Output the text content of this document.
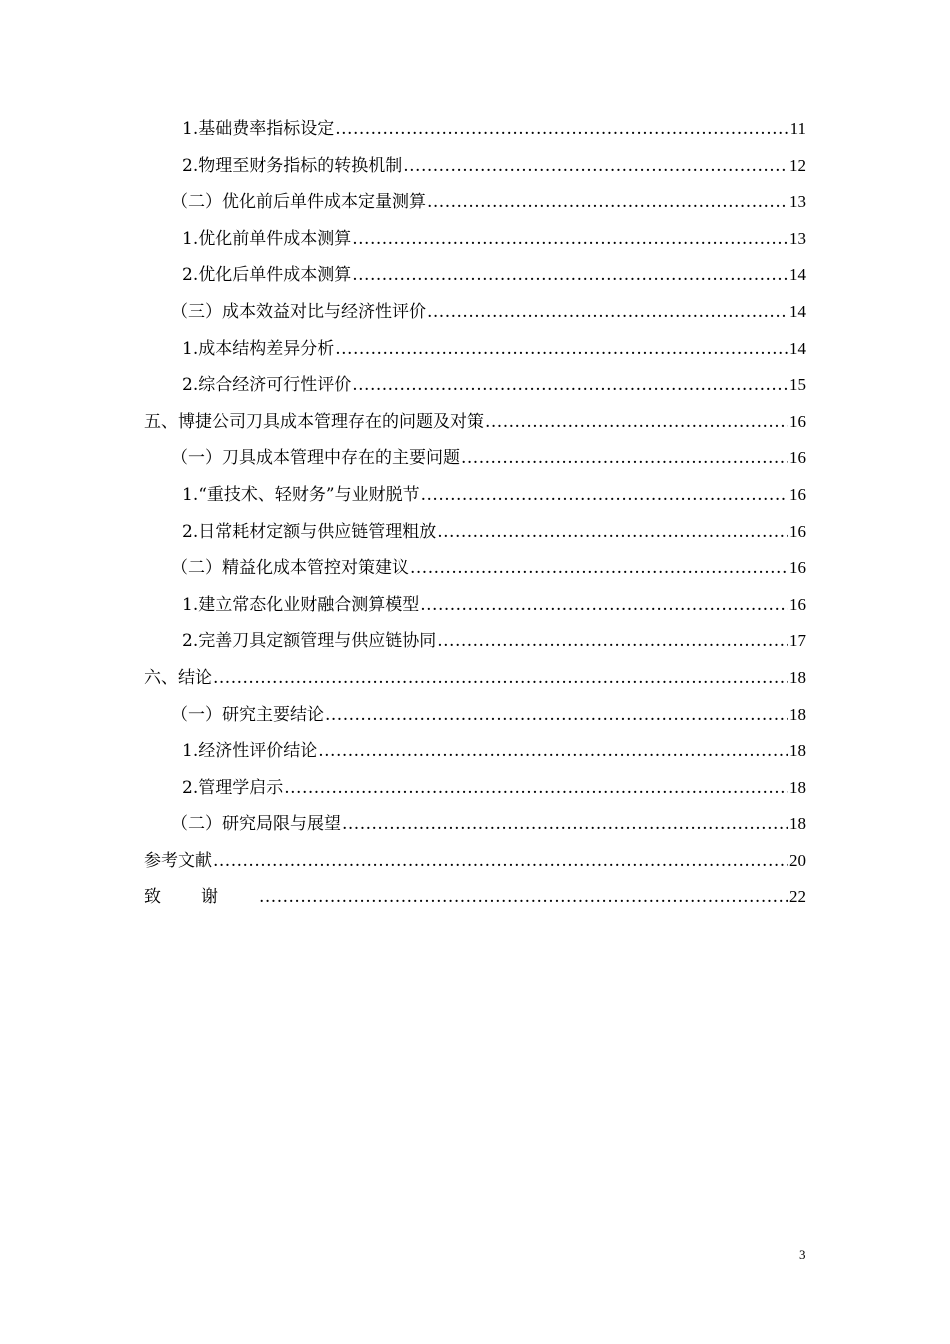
1.基础费率指标设定 .....	11
2.物理至财务指标的转换机制 .....	12
（二）优化前后单件成本定量测算 .....	13
1.优化前单件成本测算 .....	13
2.优化后单件成本测算 .....	14
（三）成本效益对比与经济性评价 .....	14
1.成本结构差异分析 .....	14
2.综合经济可行性评价 .....	15
五、博捷公司刀具成本管理存在的问题及对策 .....	16
（一）刀具成本管理中存在的主要问题 .....	16
1.“重技术、轻财务”与业财脱节 .....	16
2.日常耗材定额与供应链管理粗放 .....	16
（二）精益化成本管控对策建议 .....	16
1.建立常态化业财融合测算模型 .....	16
2.完善刀具定额管理与供应链协同 .....	17
六、结论 .....	18
（一）研究主要结论 .....	18
1.经济性评价结论 .....	18
2.管理学启示 .....	18
（二）研究局限与展望 .....	18
参考文献 .....	20
致谢 .....	22
3
